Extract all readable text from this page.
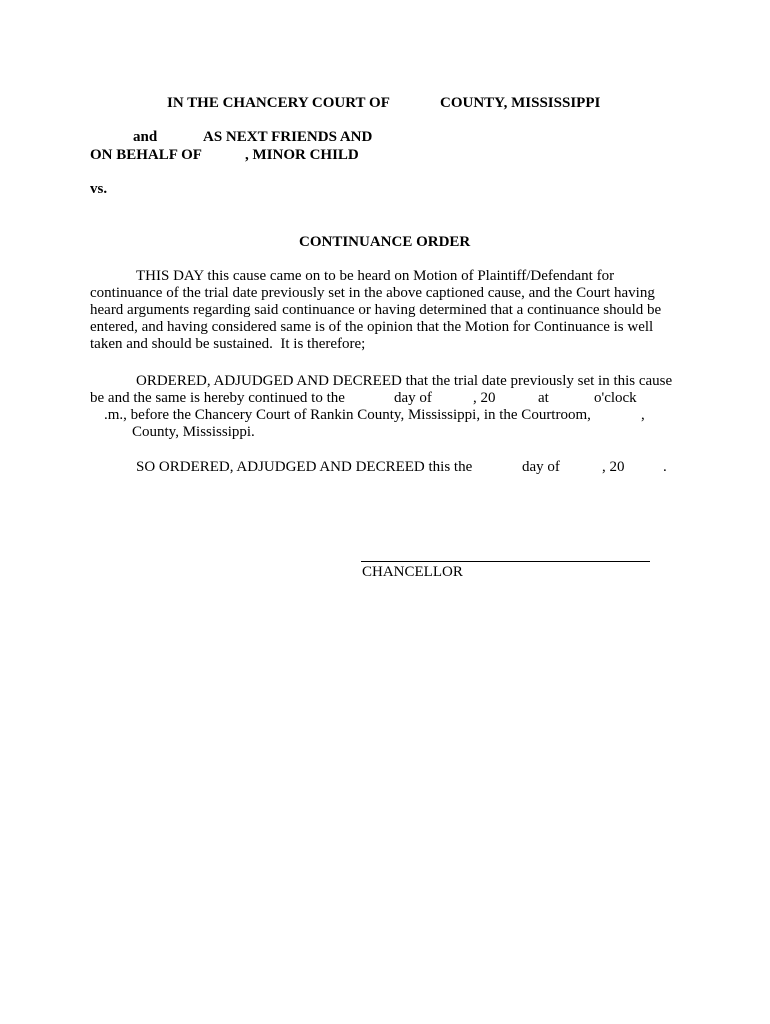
IN THE CHANCERY COURT OF	COUNTY, MISSISSIPPI
and	AS NEXT FRIENDS AND
ON BEHALF OF	, MINOR CHILD
vs.
CONTINUANCE ORDER
THIS DAY this cause came on to be heard on Motion of Plaintiff/Defendant for
continuance of the trial date previously set in the above captioned cause, and the Court having
heard arguments regarding said continuance or having determined that a continuance should be
entered, and having considered same is of the opinion that the Motion for Continuance is well
taken and should be sustained.  It is therefore;
ORDERED, ADJUDGED AND DECREED that the trial date previously set in this cause
be and the same is hereby continued to the	day of	, 20	at	o'clock
.m., before the Chancery Court of Rankin County, Mississippi, in the Courtroom,	,
County, Mississippi.
SO ORDERED, ADJUDGED AND DECREED this the	day of	, 20	.
CHANCELLOR
